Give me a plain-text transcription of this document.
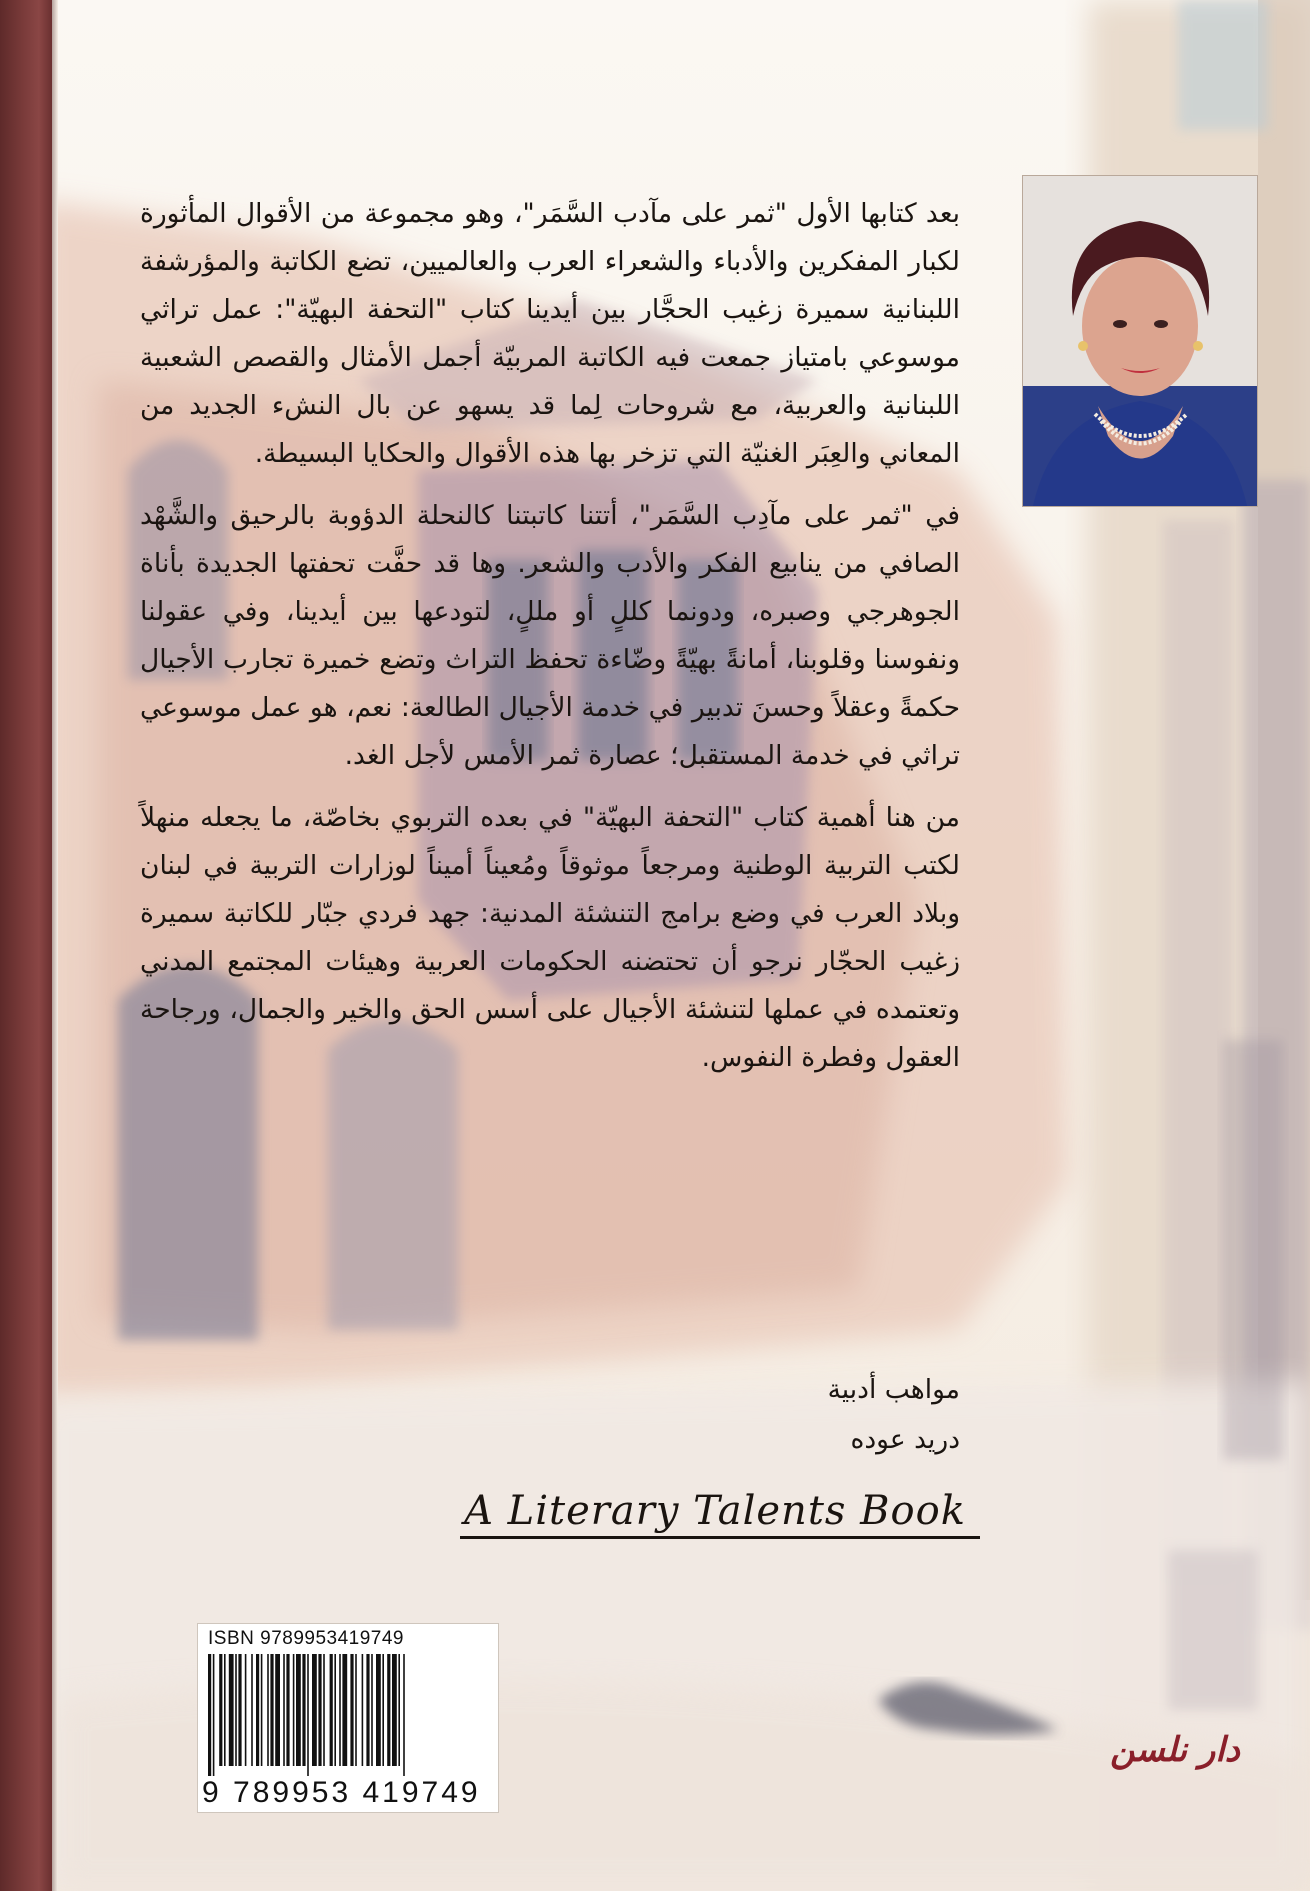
بعد كتابها الأول "ثمر على مآدب السَّمَر"، وهو مجموعة من الأقوال المأثورة لكبار المفكرين والأدباء والشعراء العرب والعالميين، تضع الكاتبة والمؤرشفة اللبنانية سميرة زغيب الحجَّار بين أيدينا كتاب "التحفة البهيّة": عمل تراثي موسوعي بامتياز جمعت فيه الكاتبة المربيّة أجمل الأمثال والقصص الشعبية اللبنانية والعربية، مع شروحات لِما قد يسهو عن بال النشء الجديد من المعاني والعِبَر الغنيّة التي تزخر بها هذه الأقوال والحكايا البسيطة.

في "ثمر على مآدِب السَّمَر"، أتتنا كاتبتنا كالنحلة الدؤوبة بالرحيق والشَّهْد الصافي من ينابيع الفكر والأدب والشعر. وها قد حفَّت تحفتها الجديدة بأناة الجوهرجي وصبره، ودونما كللٍ أو مللٍ، لتودعها بين أيدينا، وفي عقولنا ونفوسنا وقلوبنا، أمانةً بهيّةً وضّاءة تحفظ التراث وتضع خميرة تجارب الأجيال حكمةً وعقلاً وحسنَ تدبير في خدمة الأجيال الطالعة: نعم، هو عمل موسوعي تراثي في خدمة المستقبل؛ عصارة ثمر الأمس لأجل الغد.

من هنا أهمية كتاب "التحفة البهيّة" في بعده التربوي بخاصّة، ما يجعله منهلاً لكتب التربية الوطنية ومرجعاً موثوقاً ومُعيناً أميناً لوزارات التربية في لبنان وبلاد العرب في وضع برامج التنشئة المدنية: جهد فردي جبّار للكاتبة سميرة زغيب الحجّار نرجو أن تحتضنه الحكومات العربية وهيئات المجتمع المدني وتعتمده في عملها لتنشئة الأجيال على أسس الحق والخير والجمال، ورجاحة العقول وفطرة النفوس.

مواهب أدبية
دريد عوده
A Literary Talents Book
ISBN 9789953419749
9 789953 419749
دار نلسن
